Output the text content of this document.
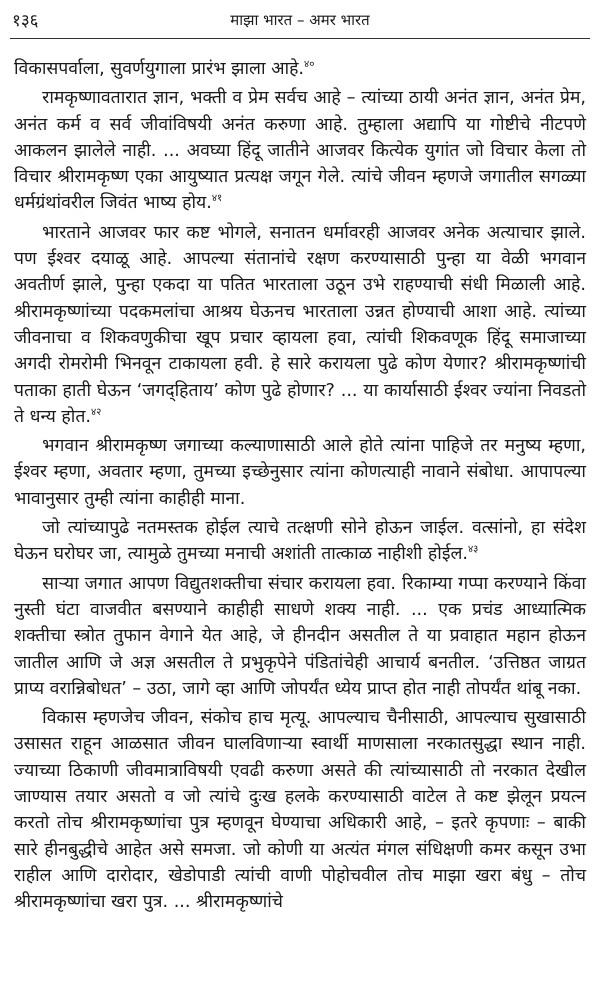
१३६	माझा भारत – अमर भारत

विकासपर्वाला, सुवर्णयुगाला प्रारंभ झाला आहे.$^{४०}$

रामकृष्णावतारात ज्ञान, भक्ती व प्रेम सर्वच आहे – त्यांच्या ठायी अनंत ज्ञान, अनंत प्रेम, अनंत कर्म व सर्व जीवांविषयी अनंत करुणा आहे. तुम्हाला अद्यापि या गोष्टीचे नीटपणे आकलन झालेले नाही. ... अवघ्या हिंदू जातीने आजवर कित्येक युगांत जो विचार केला तो विचार श्रीरामकृष्ण एका आयुष्यात प्रत्यक्ष जगून गेले. त्यांचे जीवन म्हणजे जगातील सगळ्या धर्मग्रंथांवरील जिवंत भाष्य होय.$^{४१}$

भारताने आजवर फार कष्ट भोगले, सनातन धर्मावरही आजवर अनेक अत्याचार झाले. पण ईश्वर दयाळू आहे. आपल्या संतानांचे रक्षण करण्यासाठी पुन्हा या वेळी भगवान अवतीर्ण झाले, पुन्हा एकदा या पतित भारताला उठून उभे राहण्याची संधी मिळाली आहे. श्रीरामकृष्णांच्या पदकमलांचा आश्रय घेऊनच भारताला उन्नत होण्याची आशा आहे. त्यांच्या जीवनाचा व शिकवणुकीचा खूप प्रचार व्हायला हवा, त्यांची शिकवणूक हिंदू समाजाच्या अगदी रोमरोमी भिनवून टाकायला हवी. हे सारे करायला पुढे कोण येणार? श्रीरामकृष्णांची पताका हाती घेऊन ‘जगद्‌हिताय’ कोण पुढे होणार? ... या कार्यासाठी ईश्वर ज्यांना निवडतो ते धन्य होत.$^{४२}$

भगवान श्रीरामकृष्ण जगाच्या कल्याणासाठी आले होते त्यांना पाहिजे तर मनुष्य म्हणा, ईश्वर म्हणा, अवतार म्हणा, तुमच्या इच्छेनुसार त्यांना कोणत्याही नावाने संबोधा. आपापल्या भावानुसार तुम्ही त्यांना काहीही माना.

जो त्यांच्यापुढे नतमस्तक होईल त्याचे तत्क्षणी सोने होऊन जाईल. वत्सांनो, हा संदेश घेऊन घरोघर जा, त्यामुळे तुमच्या मनाची अशांती तात्काळ नाहीशी होईल.$^{४३}$

साऱ्या जगात आपण विद्युतशक्तीचा संचार करायला हवा. रिकाम्या गप्पा करण्याने किंवा नुस्ती घंटा वाजवीत बसण्याने काहीही साधणे शक्य नाही. ... एक प्रचंड आध्यात्मिक शक्तीचा स्त्रोत तुफान वेगाने येत आहे, जे हीनदीन असतील ते या प्रवाहात महान होऊन जातील आणि जे अज्ञ असतील ते प्रभुकृपेने पंडितांचेही आचार्य बनतील. ‘उत्तिष्ठत जाग्रत प्राप्य वरान्निबोधत’ – उठा, जागे व्हा आणि जोपर्यंत ध्येय प्राप्त होत नाही तोपर्यंत थांबू नका.

विकास म्हणजेच जीवन, संकोच हाच मृत्यू. आपल्याच चैनीसाठी, आपल्याच सुखासाठी उसासत राहून आळसात जीवन घालविणाऱ्या स्वार्थी माणसाला नरकातसुद्धा स्थान नाही. ज्याच्या ठिकाणी जीवमात्राविषयी एवढी करुणा असते की त्यांच्यासाठी तो नरकात देखील जाण्यास तयार असतो व जो त्यांचे दुःख हलके करण्यासाठी वाटेल ते कष्ट झेलून प्रयत्न करतो तोच श्रीरामकृष्णांचा पुत्र म्हणवून घेण्याचा अधिकारी आहे, – इतरे कृपणाः – बाकी सारे हीनबुद्धीचे आहेत असे समजा. जो कोणी या अत्यंत मंगल संधिक्षणी कमर कसून उभा राहील आणि दारोदार, खेडोपाडी त्यांची वाणी पोहोचवील तोच माझा खरा बंधु – तोच श्रीरामकृष्णांचा खरा पुत्र. ... श्रीरामकृष्णांचे
